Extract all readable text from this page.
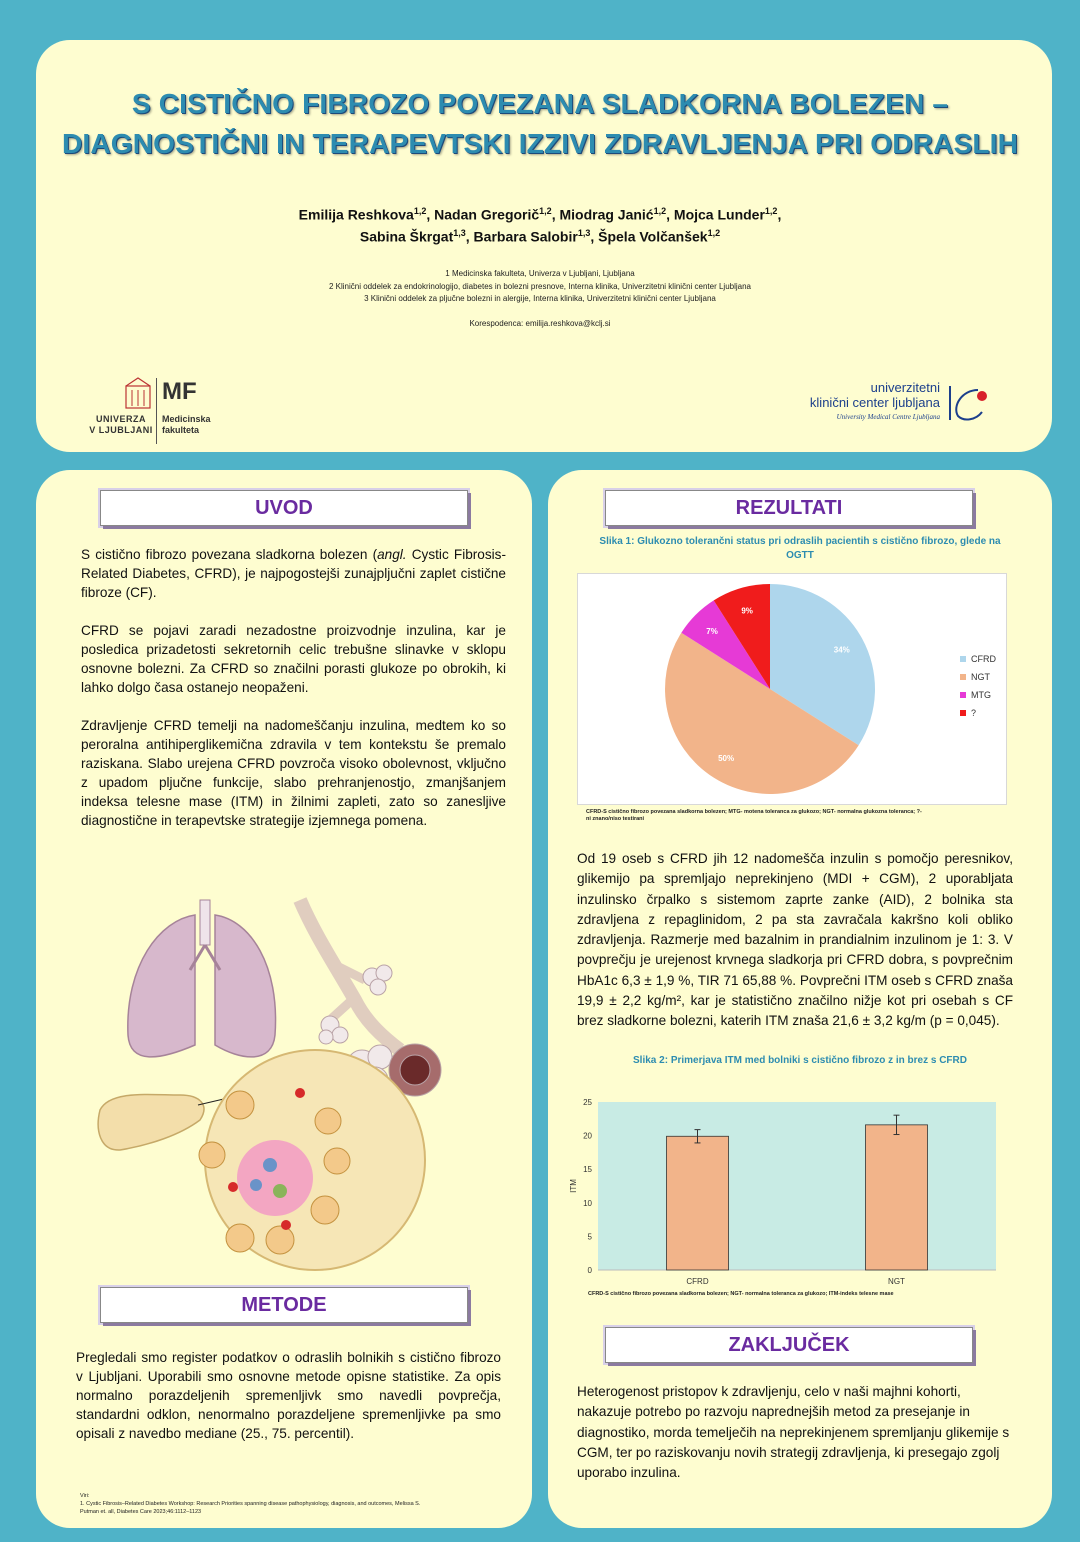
S CISTIČNO FIBROZO POVEZANA SLADKORNA BOLEZEN –
DIAGNOSTIČNI IN TERAPEVTSKI IZZIVI ZDRAVLJENJA PRI ODRASLIH
Emilija Reshkova$^{1,2}$, Nadan Gregorič$^{1,2}$, Miodrag Janić$^{1,2}$, Mojca Lunder$^{1,2}$,
Sabina Škrgat$^{1,3}$, Barbara Salobir$^{1,3}$, Špela Volčanšek$^{1,2}$
1 Medicinska fakulteta, Univerza v Ljubljani, Ljubljana
2 Klinični oddelek za endokrinologijo, diabetes in bolezni presnove, Interna klinika, Univerzitetni klinični center Ljubljana
3 Klinični oddelek za pljučne bolezni in alergije, Interna klinika, Univerzitetni klinični center Ljubljana
Korespodenca: emilija.reshkova@kclj.si
UNIVERZA
V LJUBLJANI
MF
Medicinska
fakulteta
univerzitetni
klinični center ljubljana
University Medical Centre Ljubljana
UVOD

S cistično fibrozo povezana sladkorna bolezen (angl. Cystic Fibrosis-Related Diabetes, CFRD), je najpogostejši zunajpljučni zaplet cistične fibroze (CF).

CFRD se pojavi zaradi nezadostne proizvodnje inzulina, kar je posledica prizadetosti sekretornih celic trebušne slinavke v sklopu osnovne bolezni. Za CFRD so značilni porasti glukoze po obrokih, ki lahko dolgo časa ostanejo neopaženi.

Zdravljenje CFRD temelji na nadomeščanju inzulina, medtem ko so peroralna antihiperglikemična zdravila v tem kontekstu še premalo raziskana. Slabo urejena CFRD povzroča visoko obolevnost, vključno z upadom pljučne funkcije, slabo prehranjenostjo, zmanjšanjem indeksa telesne mase (ITM) in žilnimi zapleti, zato so zanesljive diagnostične in terapevtske strategije izjemnega pomena.

METODE

Pregledali smo register podatkov o odraslih bolnikih s cistično fibrozo v Ljubljani. Uporabili smo osnovne metode opisne statistike. Za opis normalno porazdeljenih spremenljivk smo navedli povprečja, standardni odklon, nenormalno porazdeljene spremenljivke pa smo opisali z navedbo mediane (25., 75. percentil).

Viri:
1. Cystic Fibrosis–Related Diabetes Workshop: Research Priorities spanning disease pathophysiology, diagnosis, and outcomes, Melissa S.
Putman et. all, Diabetes Care 2023;46:1112–1123
REZULTATI
Slika 1: Glukozno tolerančni status pri odraslih pacientih s cistično fibrozo, glede na
OGTT
34%
50%
7%
9%
CFRD
NGT
MTG
?
CFRD-S cistično fibrozo povezana sladkorna bolezen; MTG- motena toleranca za glukozo; NGT- normalna glukozna toleranca; ?-
ni znano/niso testirani
Od 19 oseb s CFRD jih 12 nadomešča inzulin s pomočjo peresnikov, glikemijo pa spremljajo neprekinjeno (MDI + CGM), 2 uporabljata inzulinsko črpalko s sistemom zaprte zanke (AID), 2 bolnika sta zdravljena z repaglinidom, 2 pa sta zavračala kakršno koli obliko zdravljenja. Razmerje med bazalnim in prandialnim inzulinom je 1: 3. V povprečju je urejenost krvnega sladkorja pri CFRD dobra, s povprečnim HbA1c 6,3 ± 1,9 %, TIR 71 65,88 %. Povprečni ITM oseb s CFRD znaša 19,9 ± 2,2 kg/m², kar je statistično značilno nižje kot pri osebah s CF brez sladkorne bolezni, katerih ITM znaša 21,6 ± 3,2 kg/m (p = 0,045).
Slika 2: Primerjava ITM med bolniki s cistično fibrozo z in brez s CFRD
0
5
10
15
20
25
ITM
CFRD	NGT
CFRD-S cistično fibrozo povezana sladkorna bolezen; NGT- normalna toleranca za glukozo; ITM-indeks telesne mase
ZAKLJUČEK
Heterogenost pristopov k zdravljenju, celo v naši majhni kohorti, nakazuje potrebo po razvoju naprednejših metod za presejanje in diagnostiko, morda temelječih na neprekinjenem spremljanju glikemije s CGM, ter po raziskovanju novih strategij zdravljenja, ki presegajo zgolj uporabo inzulina.
